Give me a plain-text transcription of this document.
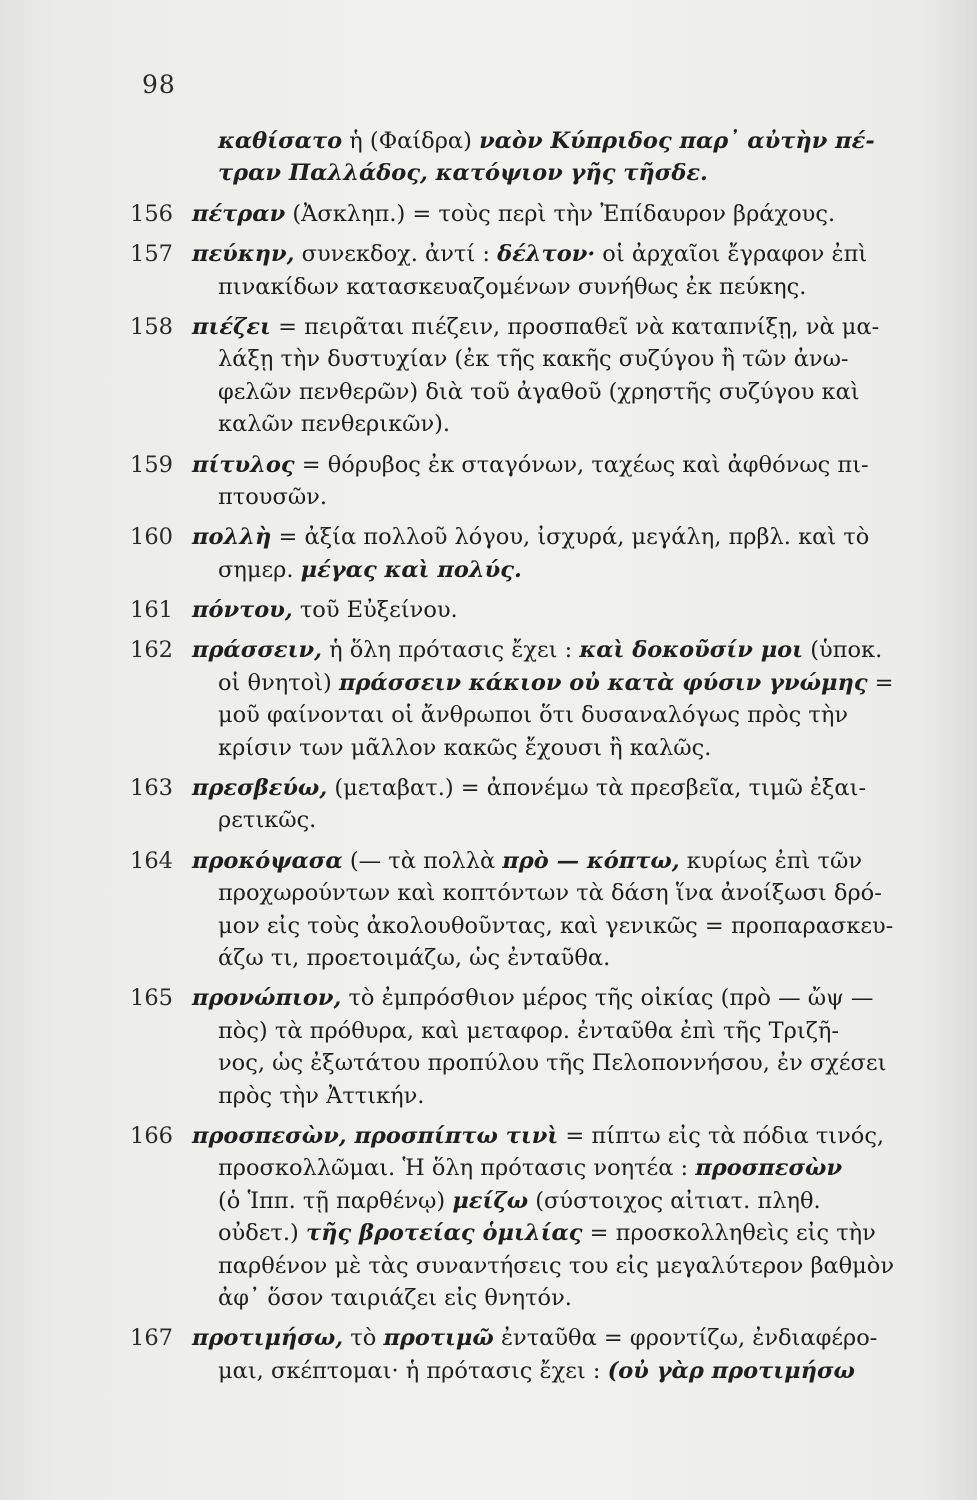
98
καθίσατο ἡ (Φαίδρα) ναὸν Κύπριδος παρ᾽ αὐτὴν πέ-
τραν Παλλάδος, κατόψιον γῆς τῆσδε.
156 πέτραν (Ἀσκληπ.) = τοὺς περὶ τὴν Ἐπίδαυρον βράχους.
157 πεύκην, συνεκδοχ. ἀντί : δέλτον· οἱ ἀρχαῖοι ἔγραφον ἐπὶ
πινακίδων κατασκευαζομένων συνήθως ἐκ πεύκης.
158 πιέζει = πειρᾶται πιέζειν, προσπαθεῖ νὰ καταπνίξῃ, νὰ μα-
λάξῃ τὴν δυστυχίαν (ἐκ τῆς κακῆς συζύγου ἢ τῶν ἀνω-
φελῶν πενθερῶν) διὰ τοῦ ἀγαθοῦ (χρηστῆς συζύγου καὶ
καλῶν πενθερικῶν).
159 πίτυλος = θόρυβος ἐκ σταγόνων, ταχέως καὶ ἀφθόνως πι-
πτουσῶν.
160 πολλὴ = ἀξία πολλοῦ λόγου, ἰσχυρά, μεγάλη, πρβλ. καὶ τὸ
σημερ. μέγας καὶ πολύς.
161 πόντου, τοῦ Εὐξείνου.
162 πράσσειν, ἡ ὅλη πρότασις ἔχει : καὶ δοκοῦσίν μοι (ὑποκ.
οἱ θνητοὶ) πράσσειν κάκιον οὐ κατὰ φύσιν γνώμης =
μοῦ φαίνονται οἱ ἄνθρωποι ὅτι δυσαναλόγως πρὸς τὴν
κρίσιν των μᾶλλον κακῶς ἔχουσι ἢ καλῶς.
163 πρεσβεύω, (μεταβατ.) = ἀπονέμω τὰ πρεσβεῖα, τιμῶ ἐξαι-
ρετικῶς.
164 προκόψασα (— τὰ πολλὰ πρὸ — κόπτω, κυρίως ἐπὶ τῶν
προχωρούντων καὶ κοπτόντων τὰ δάση ἵνα ἀνοίξωσι δρό-
μον εἰς τοὺς ἀκολουθοῦντας, καὶ γενικῶς = προπαρασκευ-
άζω τι, προετοιμάζω, ὡς ἐνταῦθα.
165 προνώπιον, τὸ ἐμπρόσθιον μέρος τῆς οἰκίας (πρὸ — ὤψ —
πὸς) τὰ πρόθυρα, καὶ μεταφορ. ἐνταῦθα ἐπὶ τῆς Τριζῆ-
νος, ὡς ἐξωτάτου προπύλου τῆς Πελοποννήσου, ἐν σχέσει
πρὸς τὴν Ἀττικήν.
166 προσπεσὼν, προσπίπτω τινὶ = πίπτω εἰς τὰ πόδια τινός,
προσκολλῶμαι. Ἡ ὅλη πρότασις νοητέα : προσπεσὼν
(ὁ Ἱππ. τῇ παρθένῳ) μείζω (σύστοιχος αἰτιατ. πληθ.
οὐδετ.) τῆς βροτείας ὁμιλίας = προσκολληθεὶς εἰς τὴν
παρθένον μὲ τὰς συναντήσεις του εἰς μεγαλύτερον βαθμὸν
ἀφ᾽ ὅσον ταιριάζει εἰς θνητόν.
167 προτιμήσω, τὸ προτιμῶ ἐνταῦθα = φροντίζω, ἐνδιαφέρο-
μαι, σκέπτομαι· ἡ πρότασις ἔχει : (οὐ γὰρ προτιμήσω
